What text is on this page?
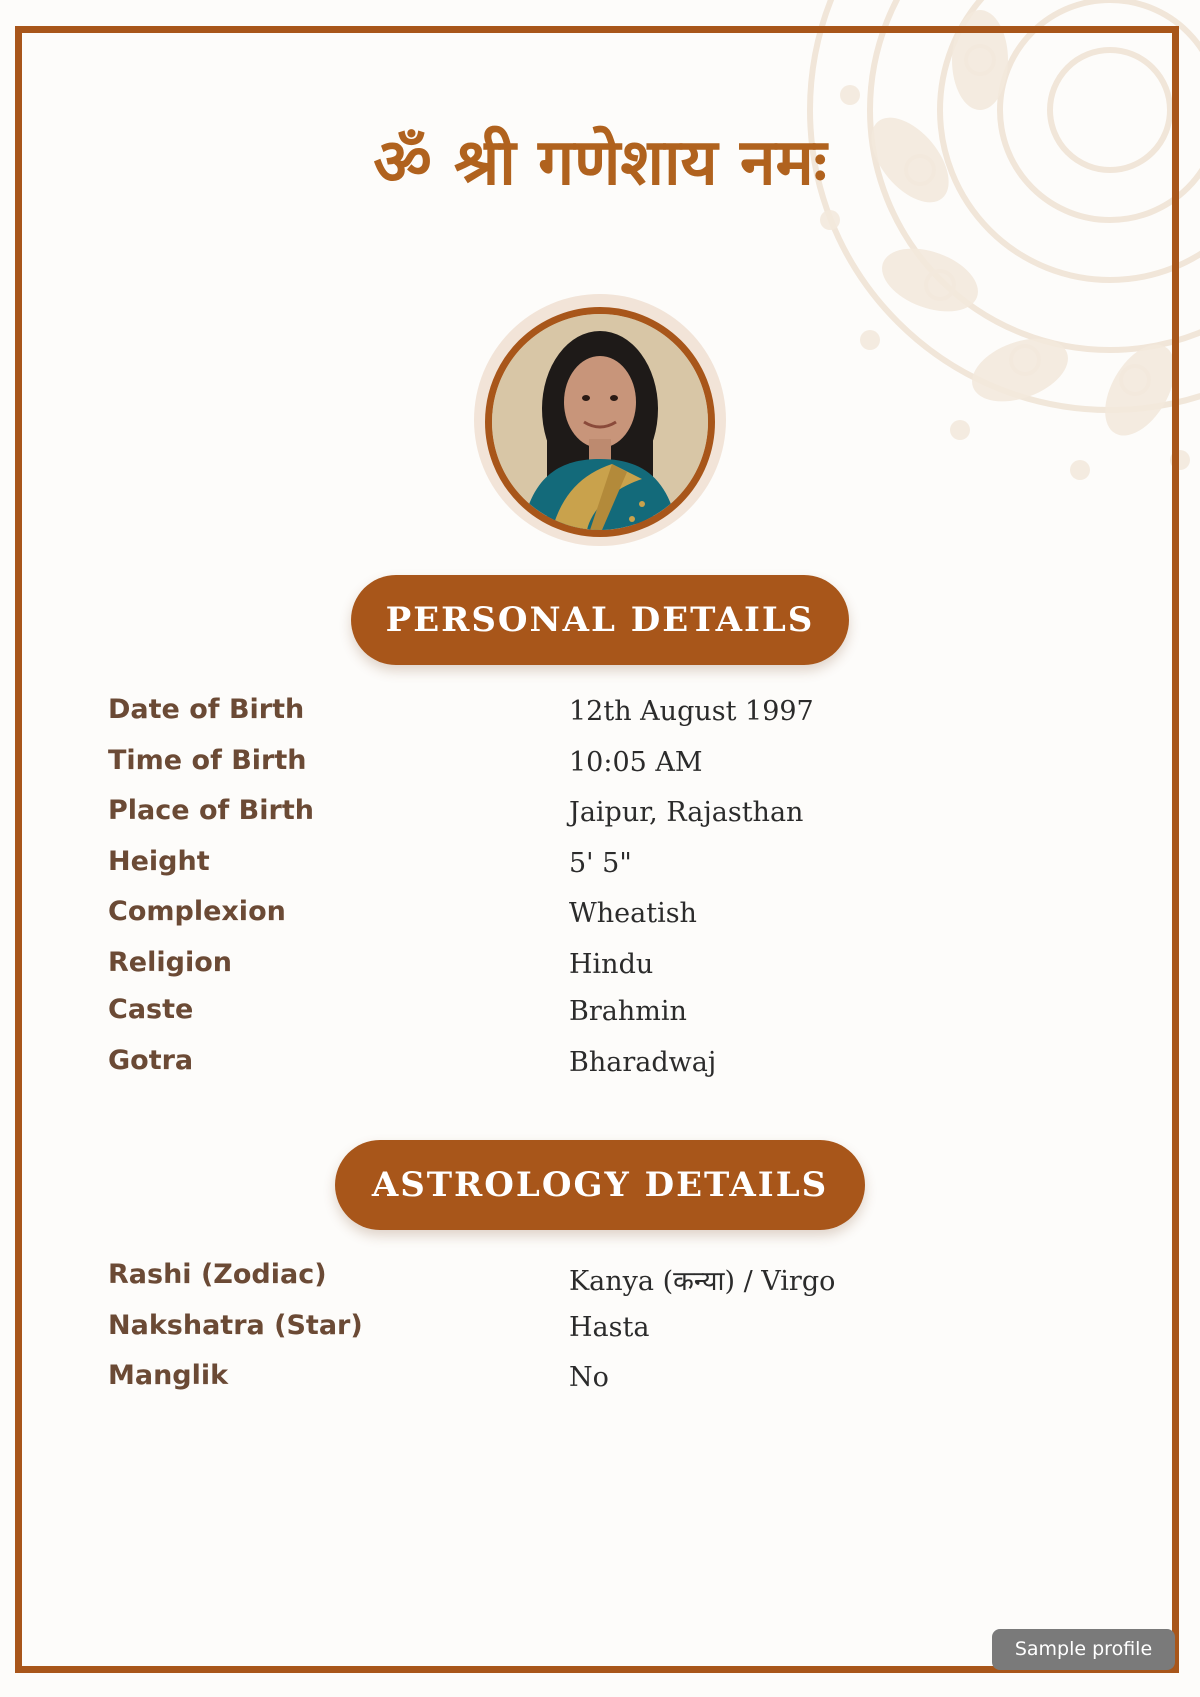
ॐ श्री गणेशाय नमः
PERSONAL DETAILS
Date of Birth	12th August 1997
Time of Birth	10:05 AM
Place of Birth	Jaipur, Rajasthan
Height	5' 5"
Complexion	Wheatish
Religion	Hindu
Caste	Brahmin
Gotra	Bharadwaj
ASTROLOGY DETAILS
Rashi (Zodiac)	Kanya (कन्या) / Virgo
Nakshatra (Star)	Hasta
Manglik	No
Sample profile
